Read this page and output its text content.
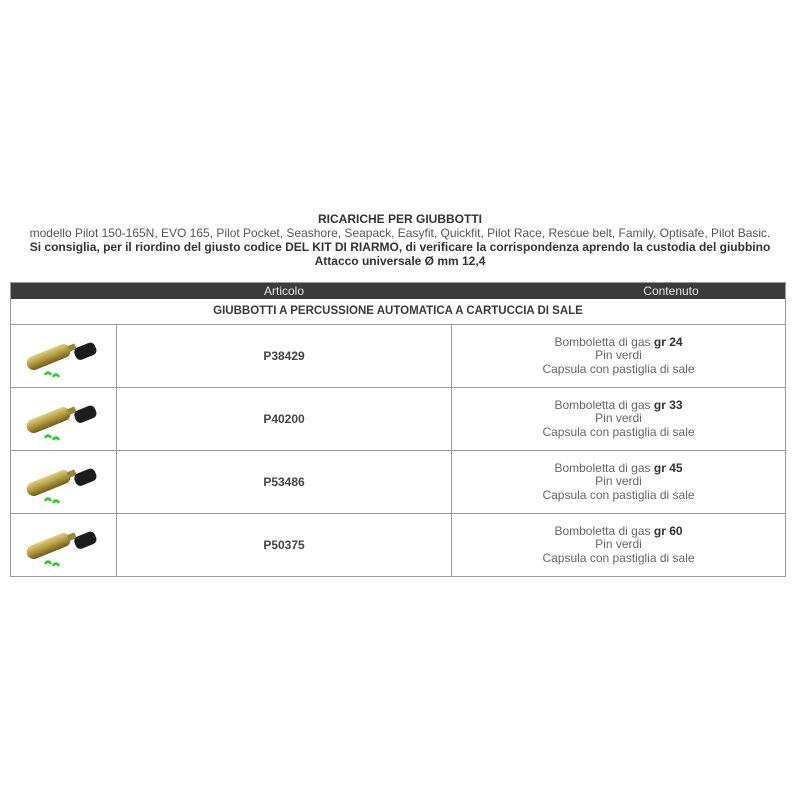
RICARICHE PER GIUBBOTTI
modello Pilot 150-165N, EVO 165, Pilot Pocket, Seashore, Seapack, Easyfit, Quickfit, Pilot Race, Rescue belt, Family, Optisafe, Pilot Basic.
Si consiglia, per il riordino del giusto codice DEL KIT DI RIARMO, di verificare la corrispondenza aprendo la custodia del giubbino
Attacco universale Ø mm 12,4
Articolo	Contenuto
GIUBBOTTI A PERCUSSIONE AUTOMATICA A CARTUCCIA DI SALE
P38429
Bomboletta di gas gr 24
Pin verdi
Capsula con pastiglia di sale
P40200
Bomboletta di gas gr 33
Pin verdi
Capsula con pastiglia di sale
P53486
Bomboletta di gas gr 45
Pin verdi
Capsula con pastiglia di sale
P50375
Bomboletta di gas gr 60
Pin verdi
Capsula con pastiglia di sale
